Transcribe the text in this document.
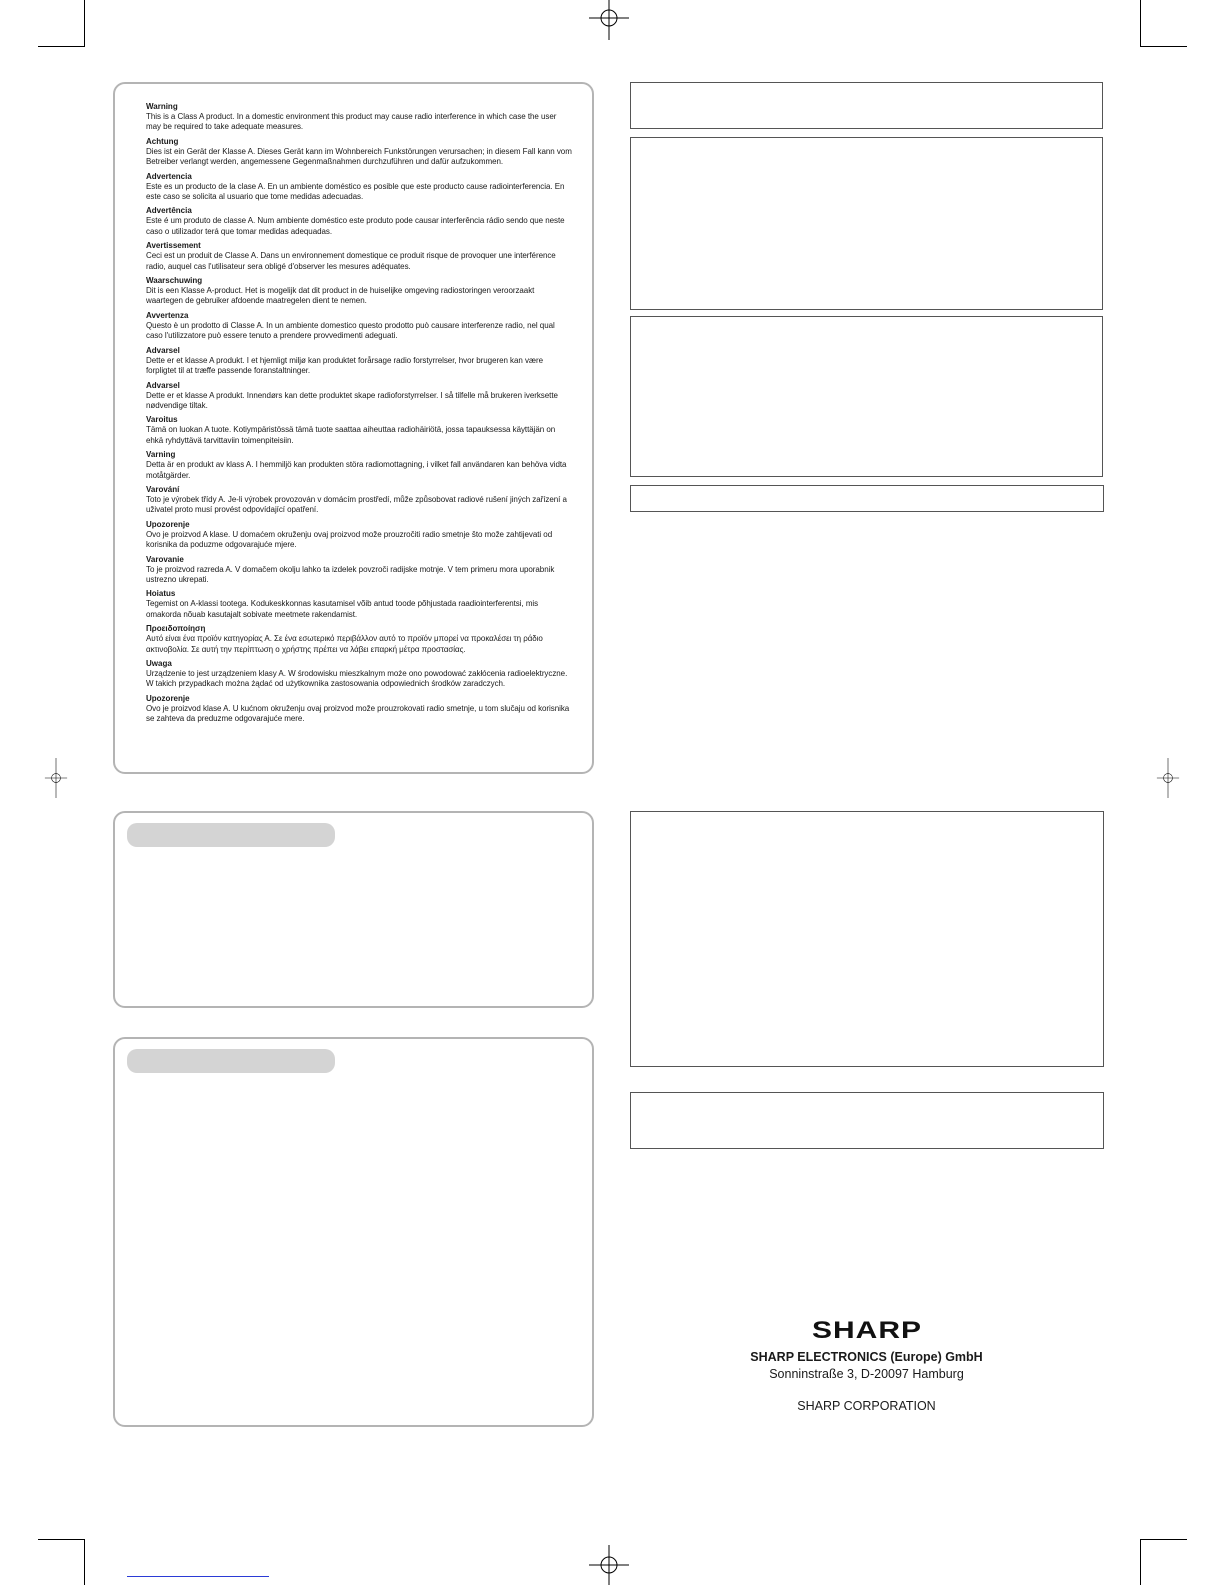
Warning
This is a Class A product. In a domestic environment this product may cause radio interference in which case the user may be required to take adequate measures.
Achtung
Dies ist ein Gerät der Klasse A. Dieses Gerät kann im Wohnbereich Funkstörungen verursachen; in diesem Fall kann vom Betreiber verlangt werden, angemessene Gegenmaßnahmen durchzuführen und dafür aufzukommen.
Advertencia
Este es un producto de la clase A. En un ambiente doméstico es posible que este producto cause radiointerferencia. En este caso se solicita al usuario que tome medidas adecuadas.
Advertência
Este é um produto de classe A. Num ambiente doméstico este produto pode causar interferência rádio sendo que neste caso o utilizador terá que tomar medidas adequadas.
Avertissement
Ceci est un produit de Classe A. Dans un environnement domestique ce produit risque de provoquer une interférence radio, auquel cas l'utilisateur sera obligé d'observer les mesures adéquates.
Waarschuwing
Dit is een Klasse A-product. Het is mogelijk dat dit product in de huiselijke omgeving radiostoringen veroorzaakt waartegen de gebruiker afdoende maatregelen dient te nemen.
Avvertenza
Questo è un prodotto di Classe A. In un ambiente domestico questo prodotto può causare interferenze radio, nel qual caso l'utilizzatore può essere tenuto a prendere provvedimenti adeguati.
Advarsel
Dette er et klasse A produkt. I et hjemligt miljø kan produktet forårsage radio forstyrrelser, hvor brugeren kan være forpligtet til at træffe passende foranstaltninger.
Advarsel
Dette er et klasse A produkt. Innendørs kan dette produktet skape radioforstyrrelser. I så tilfelle må brukeren iverksette nødvendige tiltak.
Varoitus
Tämä on luokan A tuote. Kotiympäristössä tämä tuote saattaa aiheuttaa radiohäiriötä, jossa tapauksessa käyttäjän on ehkä ryhdyttävä tarvittaviin toimenpiteisiin.
Varning
Detta är en produkt av klass A. I hemmiljö kan produkten störa radiomottagning, i vilket fall användaren kan behöva vidta motåtgärder.
Varování
Toto je výrobek třídy A. Je-li výrobek provozován v domácím prostředí, může způsobovat radiové rušení jiných zařízení a uživatel proto musí provést odpovídající opatření.
Upozorenje
Ovo je proizvod A klase. U domaćem okruženju ovaj proizvod može prouzročiti radio smetnje što može zahtijevati od korisnika da poduzme odgovarajuće mjere.
Varovanie
To je proizvod razreda A. V domačem okolju lahko ta izdelek povzroči radijske motnje. V tem primeru mora uporabnik ustrezno ukrepati.
Hoiatus
Tegemist on A-klassi tootega. Kodukeskkonnas kasutamisel võib antud toode põhjustada raadiointerferentsi, mis omakorda nõuab kasutajalt sobivate meetmete rakendamist.
Προειδοποίηση
Αυτό είναι ένα προϊόν κατηγορίας Α. Σε ένα εσωτερικό περιβάλλον αυτό το προϊόν μπορεί να προκαλέσει τη ράδιο ακτινοβολία. Σε αυτή την περίπτωση ο χρήστης πρέπει να λάβει επαρκή μέτρα προστασίας.
Uwaga
Urządzenie to jest urządzeniem klasy A. W środowisku mieszkalnym może ono powodować zakłócenia radioelektryczne. W takich przypadkach można żądać od użytkownika zastosowania odpowiednich środków zaradczych.
Upozorenje
Ovo je proizvod klase A. U kućnom okruženju ovaj proizvod može prouzrokovati radio smetnje, u tom slučaju od korisnika se zahteva da preduzme odgovarajuće mere.
SHARP
SHARP ELECTRONICS (Europe) GmbH
Sonninstraße 3, D-20097 Hamburg
SHARP CORPORATION
